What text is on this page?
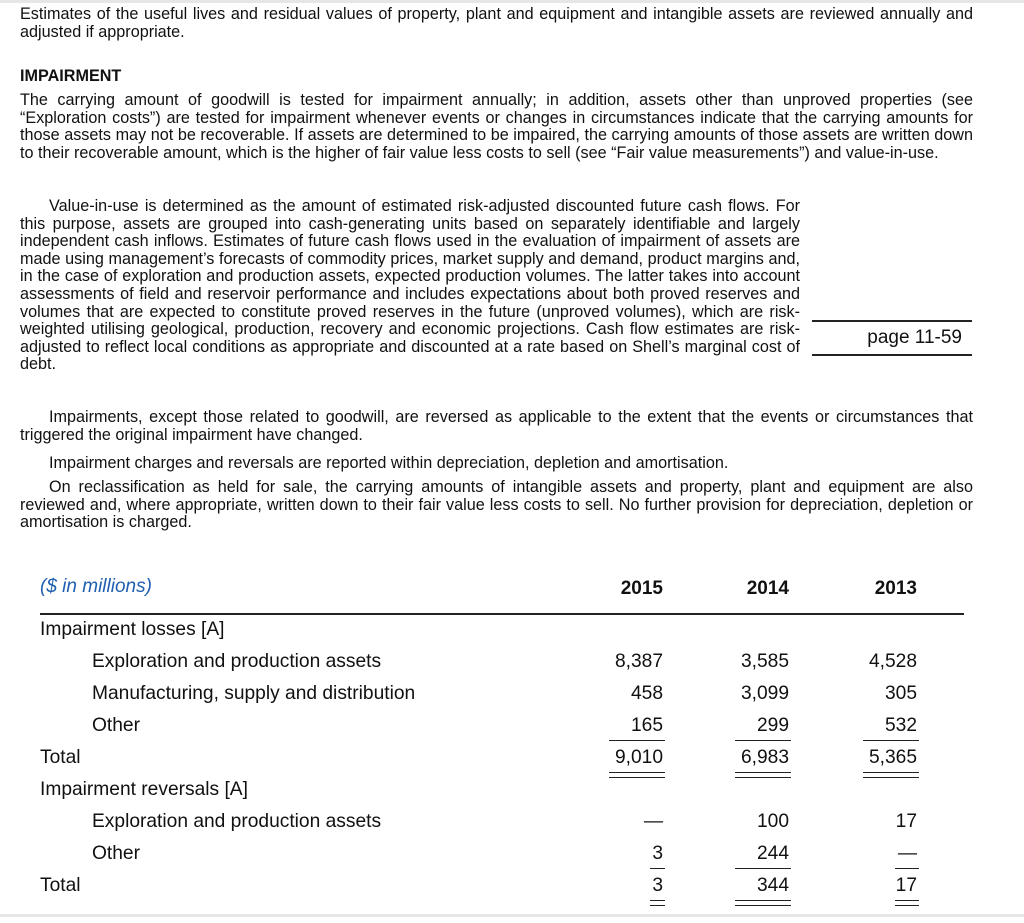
Estimates of the useful lives and residual values of property, plant and equipment and intangible assets are reviewed annually and adjusted if appropriate.
IMPAIRMENT
The carrying amount of goodwill is tested for impairment annually; in addition, assets other than unproved properties (see “Exploration costs”) are tested for impairment whenever events or changes in circumstances indicate that the carrying amounts for those assets may not be recoverable. If assets are determined to be impaired, the carrying amounts of those assets are written down to their recoverable amount, which is the higher of fair value less costs to sell (see “Fair value measurements”) and value-in-use.
Value-in-use is determined as the amount of estimated risk-adjusted discounted future cash flows. For this purpose, assets are grouped into cash-generating units based on separately identifiable and largely independent cash inflows. Estimates of future cash flows used in the evaluation of impairment of assets are made using management’s forecasts of commodity prices, market supply and demand, product margins and, in the case of exploration and production assets, expected production volumes. The latter takes into account assessments of field and reservoir performance and includes expectations about both proved reserves and volumes that are expected to constitute proved reserves in the future (unproved volumes), which are risk-weighted utilising geological, production, recovery and economic projections. Cash flow estimates are risk-adjusted to reflect local conditions as appropriate and discounted at a rate based on Shell’s marginal cost of debt.
page 11-59
Impairments, except those related to goodwill, are reversed as applicable to the extent that the events or circumstances that triggered the original impairment have changed.
Impairment charges and reversals are reported within depreciation, depletion and amortisation.
On reclassification as held for sale, the carrying amounts of intangible assets and property, plant and equipment are also reviewed and, where appropriate, written down to their fair value less costs to sell. No further provision for depreciation, depletion or amortisation is charged.
($ in millions)	2015	2014	2013
Impairment losses [A]
Exploration and production assets	8,387	3,585	4,528
Manufacturing, supply and distribution	458	3,099	305
Other	165	299	532
Total	9,010	6,983	5,365
Impairment reversals [A]
Exploration and production assets	—	100	17
Other	3	244	—
Total	3	344	17
